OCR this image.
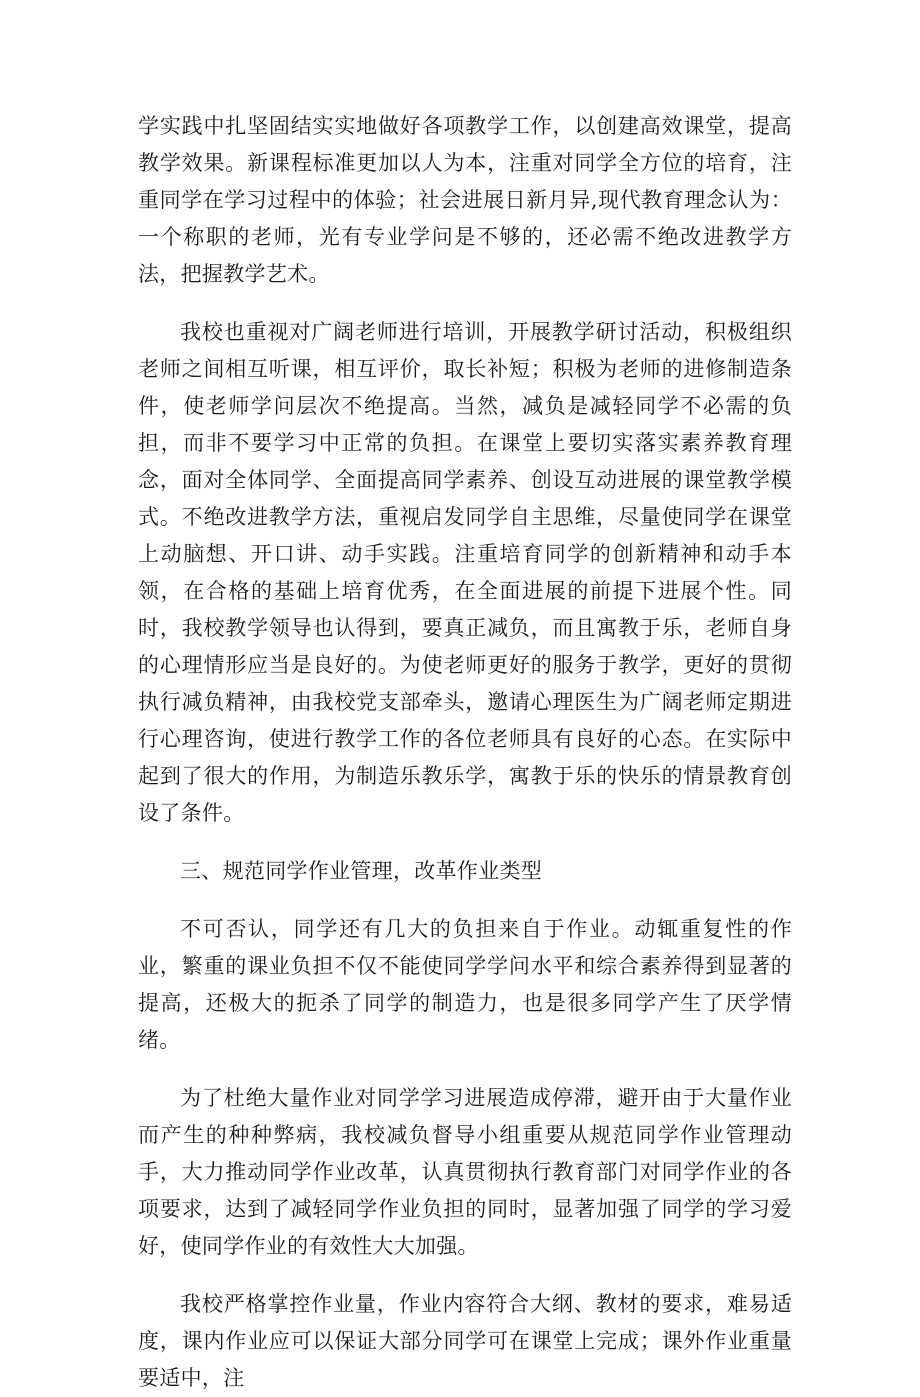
学实践中扎坚固结实实地做好各项教学工作，以创建高效课堂，提高教学效果。新课程标准更加以人为本，注重对同学全方位的培育，注重同学在学习过程中的体验；社会进展日新月异,现代教育理念认为：一个称职的老师，光有专业学问是不够的，还必需不绝改进教学方法，把握教学艺术。

我校也重视对广阔老师进行培训，开展教学研讨活动，积极组织老师之间相互听课，相互评价，取长补短；积极为老师的进修制造条件，使老师学问层次不绝提高。当然，减负是减轻同学不必需的负担，而非不要学习中正常的负担。在课堂上要切实落实素养教育理念，面对全体同学、全面提高同学素养、创设互动进展的课堂教学模式。不绝改进教学方法，重视启发同学自主思维，尽量使同学在课堂上动脑想、开口讲、动手实践。注重培育同学的创新精神和动手本领，在合格的基础上培育优秀，在全面进展的前提下进展个性。同时，我校教学领导也认得到，要真正减负，而且寓教于乐，老师自身的心理情形应当是良好的。为使老师更好的服务于教学，更好的贯彻执行减负精神，由我校党支部牵头，邀请心理医生为广阔老师定期进行心理咨询，使进行教学工作的各位老师具有良好的心态。在实际中起到了很大的作用，为制造乐教乐学，寓教于乐的快乐的情景教育创设了条件。

三、规范同学作业管理，改革作业类型

不可否认，同学还有几大的负担来自于作业。动辄重复性的作业，繁重的课业负担不仅不能使同学学问水平和综合素养得到显著的提高，还极大的扼杀了同学的制造力，也是很多同学产生了厌学情绪。

为了杜绝大量作业对同学学习进展造成停滞，避开由于大量作业而产生的种种弊病，我校减负督导小组重要从规范同学作业管理动手，大力推动同学作业改革，认真贯彻执行教育部门对同学作业的各项要求，达到了减轻同学作业负担的同时，显著加强了同学的学习爱好，使同学作业的有效性大大加强。

我校严格掌控作业量，作业内容符合大纲、教材的要求，难易适度，课内作业应可以保证大部分同学可在课堂上完成；课外作业重量要适中，注
